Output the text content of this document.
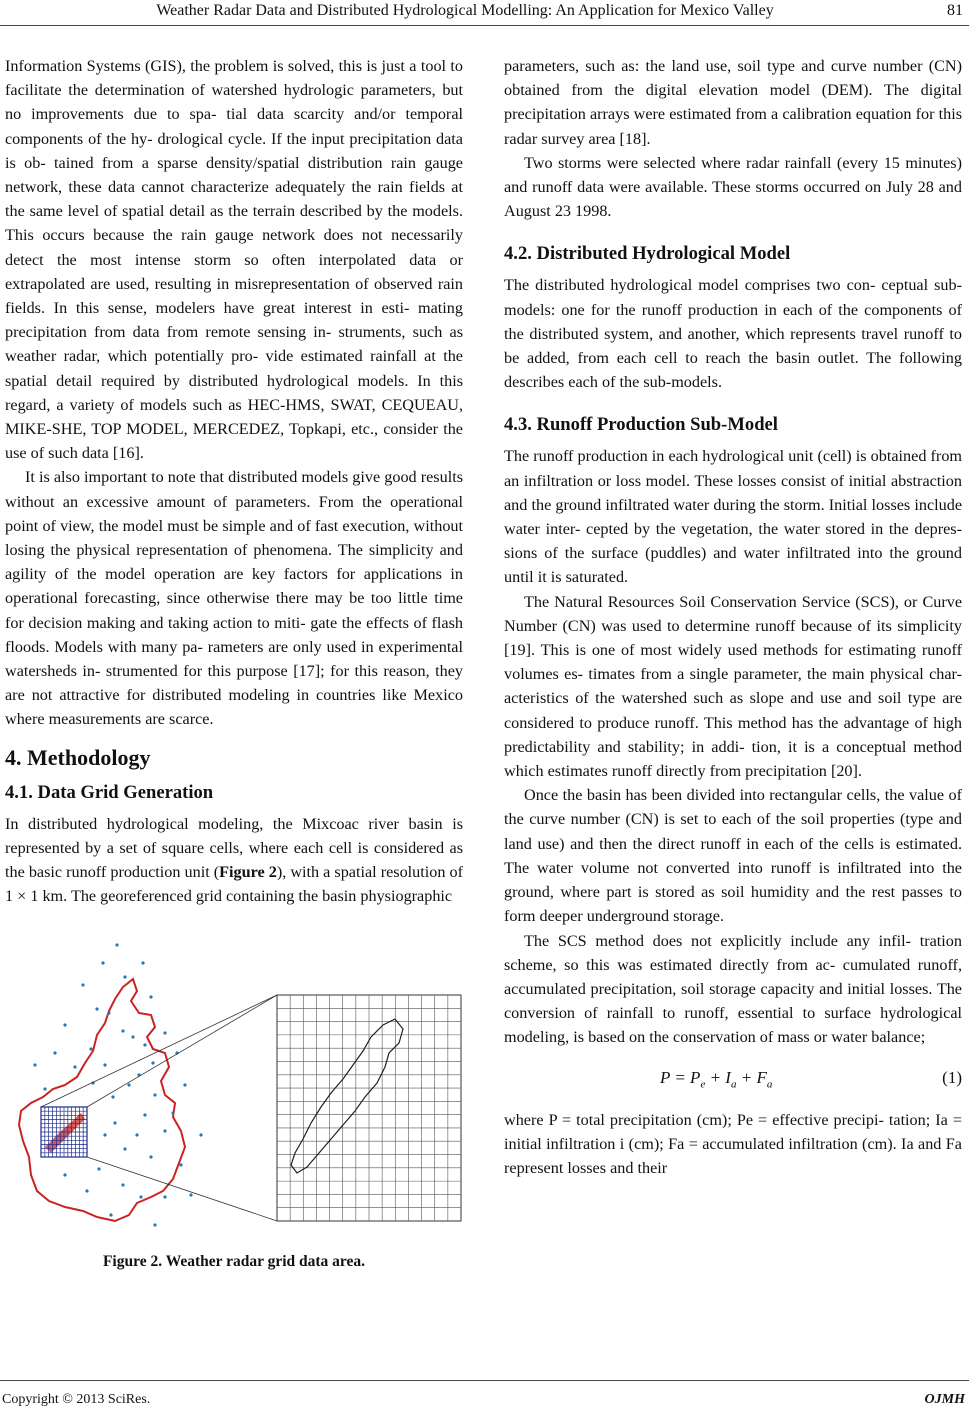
Weather Radar Data and Distributed Hydrological Modelling: An Application for Mexico Valley	81

Information Systems (GIS), the problem is solved, this is just a tool to facilitate the determination of watershed hydrologic parameters, but no improvements due to spa- tial data scarcity and/or temporal components of the hy- drological cycle. If the input precipitation data is ob- tained from a sparse density/spatial distribution rain gauge network, these data cannot characterize adequately the rain fields at the same level of spatial detail as the terrain described by the models. This occurs because the rain gauge network does not necessarily detect the most intense storm so often interpolated data or extrapolated are used, resulting in misrepresentation of observed rain fields. In this sense, modelers have great interest in esti- mating precipitation from data from remote sensing in- struments, such as weather radar, which potentially pro- vide estimated rainfall at the spatial detail required by distributed hydrological models. In this regard, a variety of models such as HEC-HMS, SWAT, CEQUEAU, MIKE-SHE, TOP MODEL, MERCEDEZ, Topkapi, etc., consider the use of such data [16].

It is also important to note that distributed models give good results without an excessive amount of parameters. From the operational point of view, the model must be simple and of fast execution, without losing the physical representation of phenomena. The simplicity and agility of the model operation are key factors for applications in operational forecasting, since otherwise there may be too little time for decision making and taking action to miti- gate the effects of flash floods. Models with many pa- rameters are only used in experimental watersheds in- strumented for this purpose [17]; for this reason, they are not attractive for distributed modeling in countries like Mexico where measurements are scarce.

4. Methodology
4.1. Data Grid Generation

In distributed hydrological modeling, the Mixcoac river basin is represented by a set of square cells, where each cell is considered as the basic runoff production unit (Figure 2), with a spatial resolution of 1 × 1 km. The georeferenced grid containing the basin physiographic

Figure 2. Weather radar grid data area.

parameters, such as: the land use, soil type and curve number (CN) obtained from the digital elevation model (DEM). The digital precipitation arrays were estimated from a calibration equation for this radar survey area [18].

Two storms were selected where radar rainfall (every 15 minutes) and runoff data were available. These storms occurred on July 28 and August 23 1998.

4.2. Distributed Hydrological Model

The distributed hydrological model comprises two con- ceptual sub-models: one for the runoff production in each of the components of the distributed system, and another, which represents travel runoff to be added, from each cell to reach the basin outlet. The following describes each of the sub-models.

4.3. Runoff Production Sub-Model

The runoff production in each hydrological unit (cell) is obtained from an infiltration or loss model. These losses consist of initial abstraction and the ground infiltrated water during the storm. Initial losses include water inter- cepted by the vegetation, the water stored in the depres- sions of the surface (puddles) and water infiltrated into the ground until it is saturated.

The Natural Resources Soil Conservation Service (SCS), or Curve Number (CN) was used to determine runoff because of its simplicity [19]. This is one of most widely used methods for estimating runoff volumes es- timates from a single parameter, the main physical char- acteristics of the watershed such as slope and use and soil type are considered to produce runoff. This method has the advantage of high predictability and stability; in addi- tion, it is a conceptual method which estimates runoff directly from precipitation [20].

Once the basin has been divided into rectangular cells, the value of the curve number (CN) is set to each of the soil properties (type and land use) and then the direct runoff in each of the cells is estimated. The water volume not converted into runoff is infiltrated into the ground, where part is stored as soil humidity and the rest passes to form deeper underground storage.

The SCS method does not explicitly include any infil- tration scheme, so this was estimated directly from ac- cumulated runoff, accumulated precipitation, soil storage capacity and initial losses. The conversion of rainfall to runoff, essential to surface hydrological modeling, is based on the conservation of mass or water balance;

$P = P_e + I_a + F_a$	(1)

where P = total precipitation (cm); Pe = effective precipi- tation; Ia = initial infiltration i (cm); Fa = accumulated infiltration (cm). Ia and Fa represent losses and their

Copyright © 2013 SciRes.	OJMH
